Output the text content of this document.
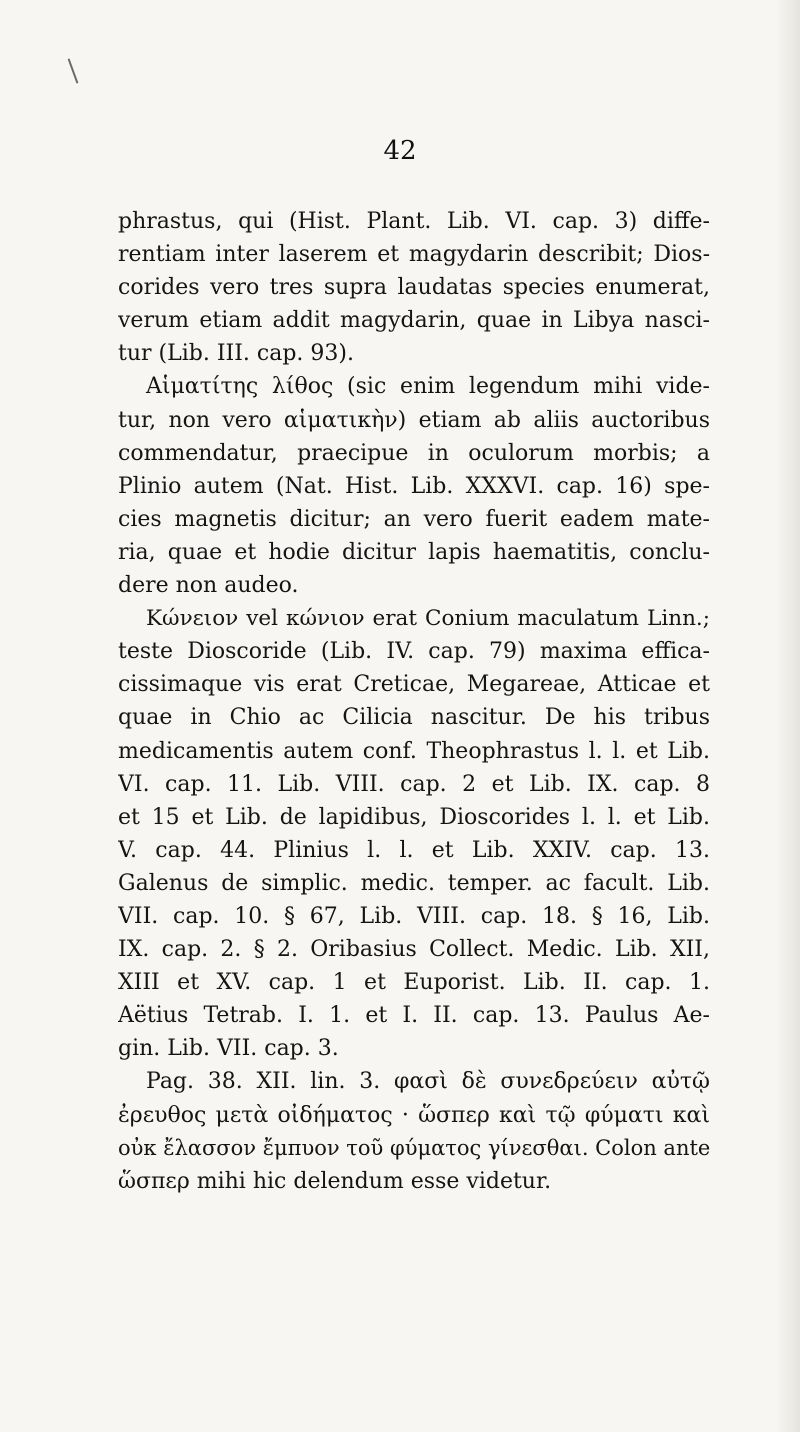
42
phrastus, qui (Hist. Plant. Lib. VI. cap. 3) diffe-
rentiam inter laserem et magydarin describit; Dios-
corides vero tres supra laudatas species enumerat,
verum etiam addit magydarin, quae in Libya nasci-
tur (Lib. III. cap. 93).
Αἱματίτης λίθος (sic enim legendum mihi vide-
tur, non vero αἱματικὴν) etiam ab aliis auctoribus
commendatur, praecipue in oculorum morbis; a
Plinio autem (Nat. Hist. Lib. XXXVI. cap. 16) spe-
cies magnetis dicitur; an vero fuerit eadem mate-
ria, quae et hodie dicitur lapis haematitis, conclu-
dere non audeo.
Κώνειον vel κώνιον erat Conium maculatum Linn.;
teste Dioscoride (Lib. IV. cap. 79) maxima effica-
cissimaque vis erat Creticae, Megareae, Atticae et
quae in Chio ac Cilicia nascitur. De his tribus
medicamentis autem conf. Theophrastus l. l. et Lib.
VI. cap. 11. Lib. VIII. cap. 2 et Lib. IX. cap. 8
et 15 et Lib. de lapidibus, Dioscorides l. l. et Lib.
V. cap. 44. Plinius l. l. et Lib. XXIV. cap. 13.
Galenus de simplic. medic. temper. ac facult. Lib.
VII. cap. 10. § 67, Lib. VIII. cap. 18. § 16, Lib.
IX. cap. 2. § 2. Oribasius Collect. Medic. Lib. XII,
XIII et XV. cap. 1 et Euporist. Lib. II. cap. 1.
Aëtius Tetrab. I. 1. et I. II. cap. 13. Paulus Ae-
gin. Lib. VII. cap. 3.
Pag. 38. XII. lin. 3. φασὶ δὲ συνεδρεύειν αὐτῷ
ἐρευθος μετὰ οἰδήματος · ὥσπερ καὶ τῷ φύματι καὶ
οὐκ ἔλασσον ἔμπυον τοῦ φύματος γίνεσθαι. Colon ante
ὥσπερ mihi hic delendum esse videtur.
